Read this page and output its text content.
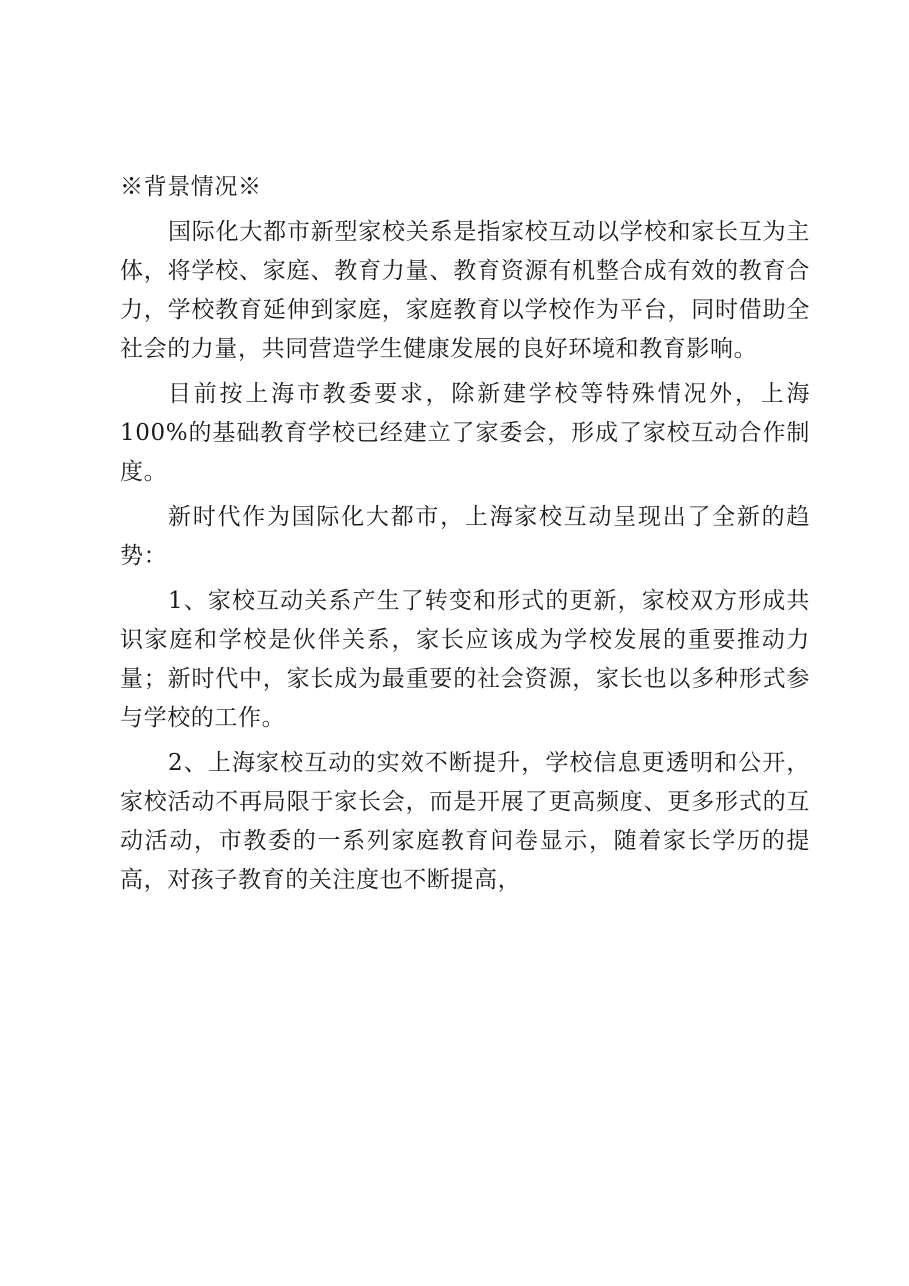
※背景情况※

国际化大都市新型家校关系是指家校互动以学校和家长互为主体，将学校、家庭、教育力量、教育资源有机整合成有效的教育合力，学校教育延伸到家庭，家庭教育以学校作为平台，同时借助全社会的力量，共同营造学生健康发展的良好环境和教育影响。

目前按上海市教委要求，除新建学校等特殊情况外，上海100%的基础教育学校已经建立了家委会，形成了家校互动合作制度。

新时代作为国际化大都市，上海家校互动呈现出了全新的趋势：

1、家校互动关系产生了转变和形式的更新，家校双方形成共识家庭和学校是伙伴关系，家长应该成为学校发展的重要推动力量；新时代中，家长成为最重要的社会资源，家长也以多种形式参与学校的工作。

2、上海家校互动的实效不断提升，学校信息更透明和公开，家校活动不再局限于家长会，而是开展了更高频度、更多形式的互动活动，市教委的一系列家庭教育问卷显示，随着家长学历的提高，对孩子教育的关注度也不断提高，
